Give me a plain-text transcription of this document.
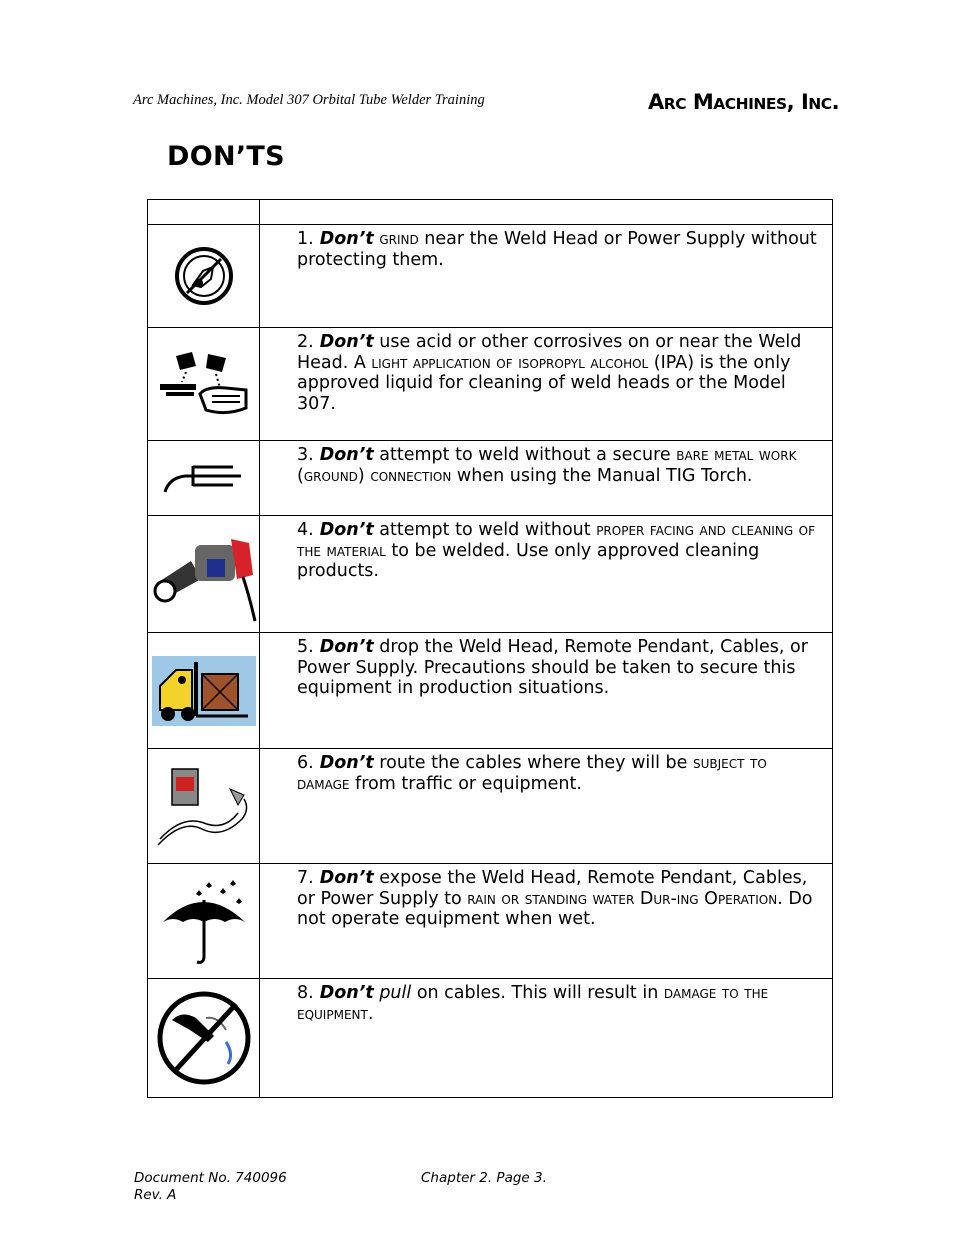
Arc Machines, Inc. Model 307 Orbital Tube Welder Training	ARC MACHINES, INC.
DON’TS

	1. Don’t grind near the Weld Head or Power Supply without protecting them.

	2. Don’t use acid or other corrosives on or near the Weld Head. A light application of isopropyl alcohol (IPA) is the only approved liquid for cleaning of weld heads or the Model 307.

	3. Don’t attempt to weld without a secure bare metal work (ground) connection when using the Manual TIG Torch.

	4. Don’t attempt to weld without proper facing and cleaning of the material to be welded. Use only approved cleaning products.

	5. Don’t drop the Weld Head, Remote Pendant, Cables, or Power Supply. Precautions should be taken to secure this equipment in production situations.

	6. Don’t route the cables where they will be subject to damage from traffic or equipment.

	7. Don’t expose the Weld Head, Remote Pendant, Cables, or Power Supply to rain or standing water Dur-ing Operation. Do not operate equipment when wet.

	8. Don’t pull on cables. This will result in damage to the equipment.
Document No. 740096
Rev. A
Chapter 2. Page 3.
